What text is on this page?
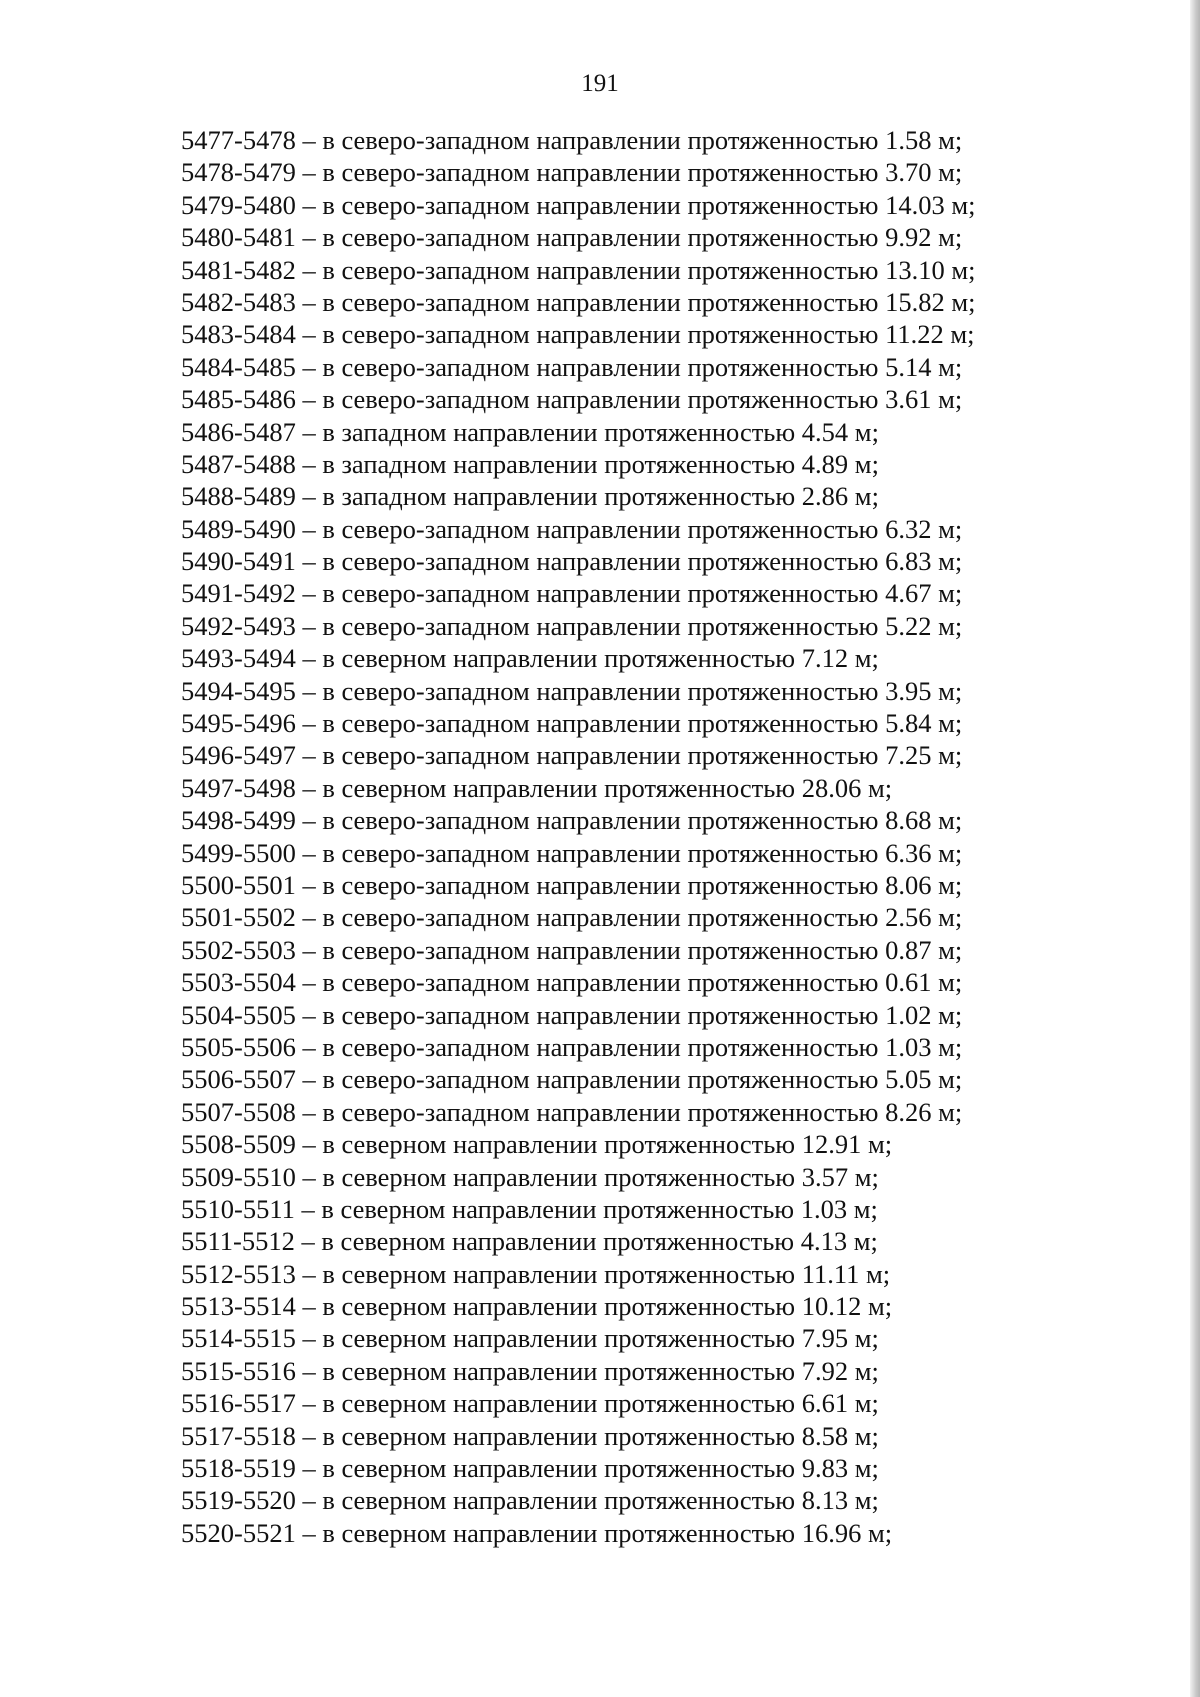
191
5477-5478 – в северо-западном направлении протяженностью 1.58 м;
5478-5479 – в северо-западном направлении протяженностью 3.70 м;
5479-5480 – в северо-западном направлении протяженностью 14.03 м;
5480-5481 – в северо-западном направлении протяженностью 9.92 м;
5481-5482 – в северо-западном направлении протяженностью 13.10 м;
5482-5483 – в северо-западном направлении протяженностью 15.82 м;
5483-5484 – в северо-западном направлении протяженностью 11.22 м;
5484-5485 – в северо-западном направлении протяженностью 5.14 м;
5485-5486 – в северо-западном направлении протяженностью 3.61 м;
5486-5487 – в западном направлении протяженностью 4.54 м;
5487-5488 – в западном направлении протяженностью 4.89 м;
5488-5489 – в западном направлении протяженностью 2.86 м;
5489-5490 – в северо-западном направлении протяженностью 6.32 м;
5490-5491 – в северо-западном направлении протяженностью 6.83 м;
5491-5492 – в северо-западном направлении протяженностью 4.67 м;
5492-5493 – в северо-западном направлении протяженностью 5.22 м;
5493-5494 – в северном направлении протяженностью 7.12 м;
5494-5495 – в северо-западном направлении протяженностью 3.95 м;
5495-5496 – в северо-западном направлении протяженностью 5.84 м;
5496-5497 – в северо-западном направлении протяженностью 7.25 м;
5497-5498 – в северном направлении протяженностью 28.06 м;
5498-5499 – в северо-западном направлении протяженностью 8.68 м;
5499-5500 – в северо-западном направлении протяженностью 6.36 м;
5500-5501 – в северо-западном направлении протяженностью 8.06 м;
5501-5502 – в северо-западном направлении протяженностью 2.56 м;
5502-5503 – в северо-западном направлении протяженностью 0.87 м;
5503-5504 – в северо-западном направлении протяженностью 0.61 м;
5504-5505 – в северо-западном направлении протяженностью 1.02 м;
5505-5506 – в северо-западном направлении протяженностью 1.03 м;
5506-5507 – в северо-западном направлении протяженностью 5.05 м;
5507-5508 – в северо-западном направлении протяженностью 8.26 м;
5508-5509 – в северном направлении протяженностью 12.91 м;
5509-5510 – в северном направлении протяженностью 3.57 м;
5510-5511 – в северном направлении протяженностью 1.03 м;
5511-5512 – в северном направлении протяженностью 4.13 м;
5512-5513 – в северном направлении протяженностью 11.11 м;
5513-5514 – в северном направлении протяженностью 10.12 м;
5514-5515 – в северном направлении протяженностью 7.95 м;
5515-5516 – в северном направлении протяженностью 7.92 м;
5516-5517 – в северном направлении протяженностью 6.61 м;
5517-5518 – в северном направлении протяженностью 8.58 м;
5518-5519 – в северном направлении протяженностью 9.83 м;
5519-5520 – в северном направлении протяженностью 8.13 м;
5520-5521 – в северном направлении протяженностью 16.96 м;
